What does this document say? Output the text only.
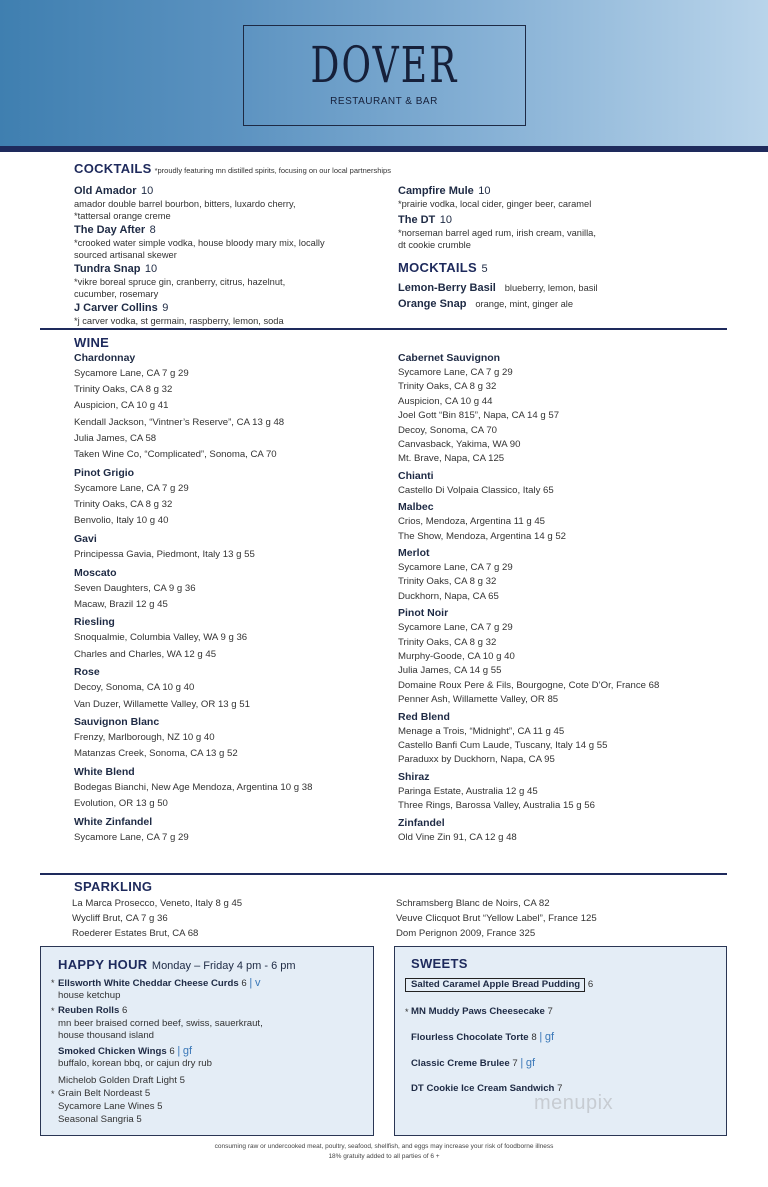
DOVER
RESTAURANT & BAR
COCKTAILS *proudly featuring mn distilled spirits, focusing on our local partnerships
Old Amador 10
amador double barrel bourbon, bitters, luxardo cherry,
*tattersal orange creme
The Day After 8
*crooked water simple vodka, house bloody mary mix, locally
sourced artisanal skewer
Tundra Snap 10
*vikre boreal spruce gin, cranberry, citrus, hazelnut,
cucumber, rosemary
J Carver Collins 9
*j carver vodka, st germain, raspberry, lemon, soda
Campfire Mule 10
*prairie vodka, local cider, ginger beer, caramel
The DT 10
*norseman barrel aged rum, irish cream, vanilla,
dt cookie crumble
MOCKTAILS 5
Lemon-Berry Basil blueberry, lemon, basil
Orange Snap orange, mint, ginger ale
WINE
Chardonnay
Sycamore Lane, CA 7 g 29
Trinity Oaks, CA 8 g 32
Auspicion, CA 10 g 41
Kendall Jackson, “Vintner’s Reserve”, CA 13 g 48
Julia James, CA 58
Taken Wine Co, “Complicated”, Sonoma, CA 70
Pinot Grigio
Sycamore Lane, CA 7 g 29
Trinity Oaks, CA 8 g 32
Benvolio, Italy 10 g 40
Gavi
Principessa Gavia, Piedmont, Italy 13 g 55
Moscato
Seven Daughters, CA 9 g 36
Macaw, Brazil 12 g 45
Riesling
Snoqualmie, Columbia Valley, WA 9 g 36
Charles and Charles, WA 12 g 45
Rose
Decoy, Sonoma, CA 10 g 40
Van Duzer, Willamette Valley, OR 13 g 51
Sauvignon Blanc
Frenzy, Marlborough, NZ 10 g 40
Matanzas Creek, Sonoma, CA 13 g 52
White Blend
Bodegas Bianchi, New Age Mendoza, Argentina 10 g 38
Evolution, OR 13 g 50
White Zinfandel
Sycamore Lane, CA 7 g 29
Cabernet Sauvignon
Sycamore Lane, CA 7 g 29
Trinity Oaks, CA 8 g 32
Auspicion, CA 10 g 44
Joel Gott “Bin 815”, Napa, CA 14 g 57
Decoy, Sonoma, CA 70
Canvasback, Yakima, WA 90
Mt. Brave, Napa, CA 125
Chianti
Castello Di Volpaia Classico, Italy 65
Malbec
Crios, Mendoza, Argentina 11 g 45
The Show, Mendoza, Argentina 14 g 52
Merlot
Sycamore Lane, CA 7 g 29
Trinity Oaks, CA 8 g 32
Duckhorn, Napa, CA 65
Pinot Noir
Sycamore Lane, CA 7 g 29
Trinity Oaks, CA 8 g 32
Murphy-Goode, CA 10 g 40
Julia James, CA 14 g 55
Domaine Roux Pere & Fils, Bourgogne, Cote D’Or, France 68
Penner Ash, Willamette Valley, OR 85
Red Blend
Menage a Trois, “Midnight”, CA 11 g 45
Castello Banfi Cum Laude, Tuscany, Italy 14 g 55
Paraduxx by Duckhorn, Napa, CA 95
Shiraz
Paringa Estate, Australia 12 g 45
Three Rings, Barossa Valley, Australia 15 g 56
Zinfandel
Old Vine Zin 91, CA 12 g 48
SPARKLING
La Marca Prosecco, Veneto, Italy 8 g 45
Wycliff Brut, CA 7 g 36
Roederer Estates Brut, CA 68
Schramsberg Blanc de Noirs, CA 82
Veuve Clicquot Brut “Yellow Label”, France 125
Dom Perignon 2009, France 325
HAPPY HOUR Monday – Friday 4 pm - 6 pm
* Ellsworth White Cheddar Cheese Curds 6 | v
house ketchup
* Reuben Rolls 6
mn beer braised corned beef, swiss, sauerkraut,
house thousand island
Smoked Chicken Wings 6 | gf
buffalo, korean bbq, or cajun dry rub
Michelob Golden Draft Light 5
* Grain Belt Nordeast 5
Sycamore Lane Wines 5
Seasonal Sangria 5
SWEETS
Salted Caramel Apple Bread Pudding 6
* MN Muddy Paws Cheesecake 7
Flourless Chocolate Torte 8 | gf
Classic Creme Brulee 7 | gf
DT Cookie Ice Cream Sandwich 7
menupix
consuming raw or undercooked meat, poultry, seafood, shellfish, and eggs may increase your risk of foodborne illness
18% gratuity added to all parties of 6 +
